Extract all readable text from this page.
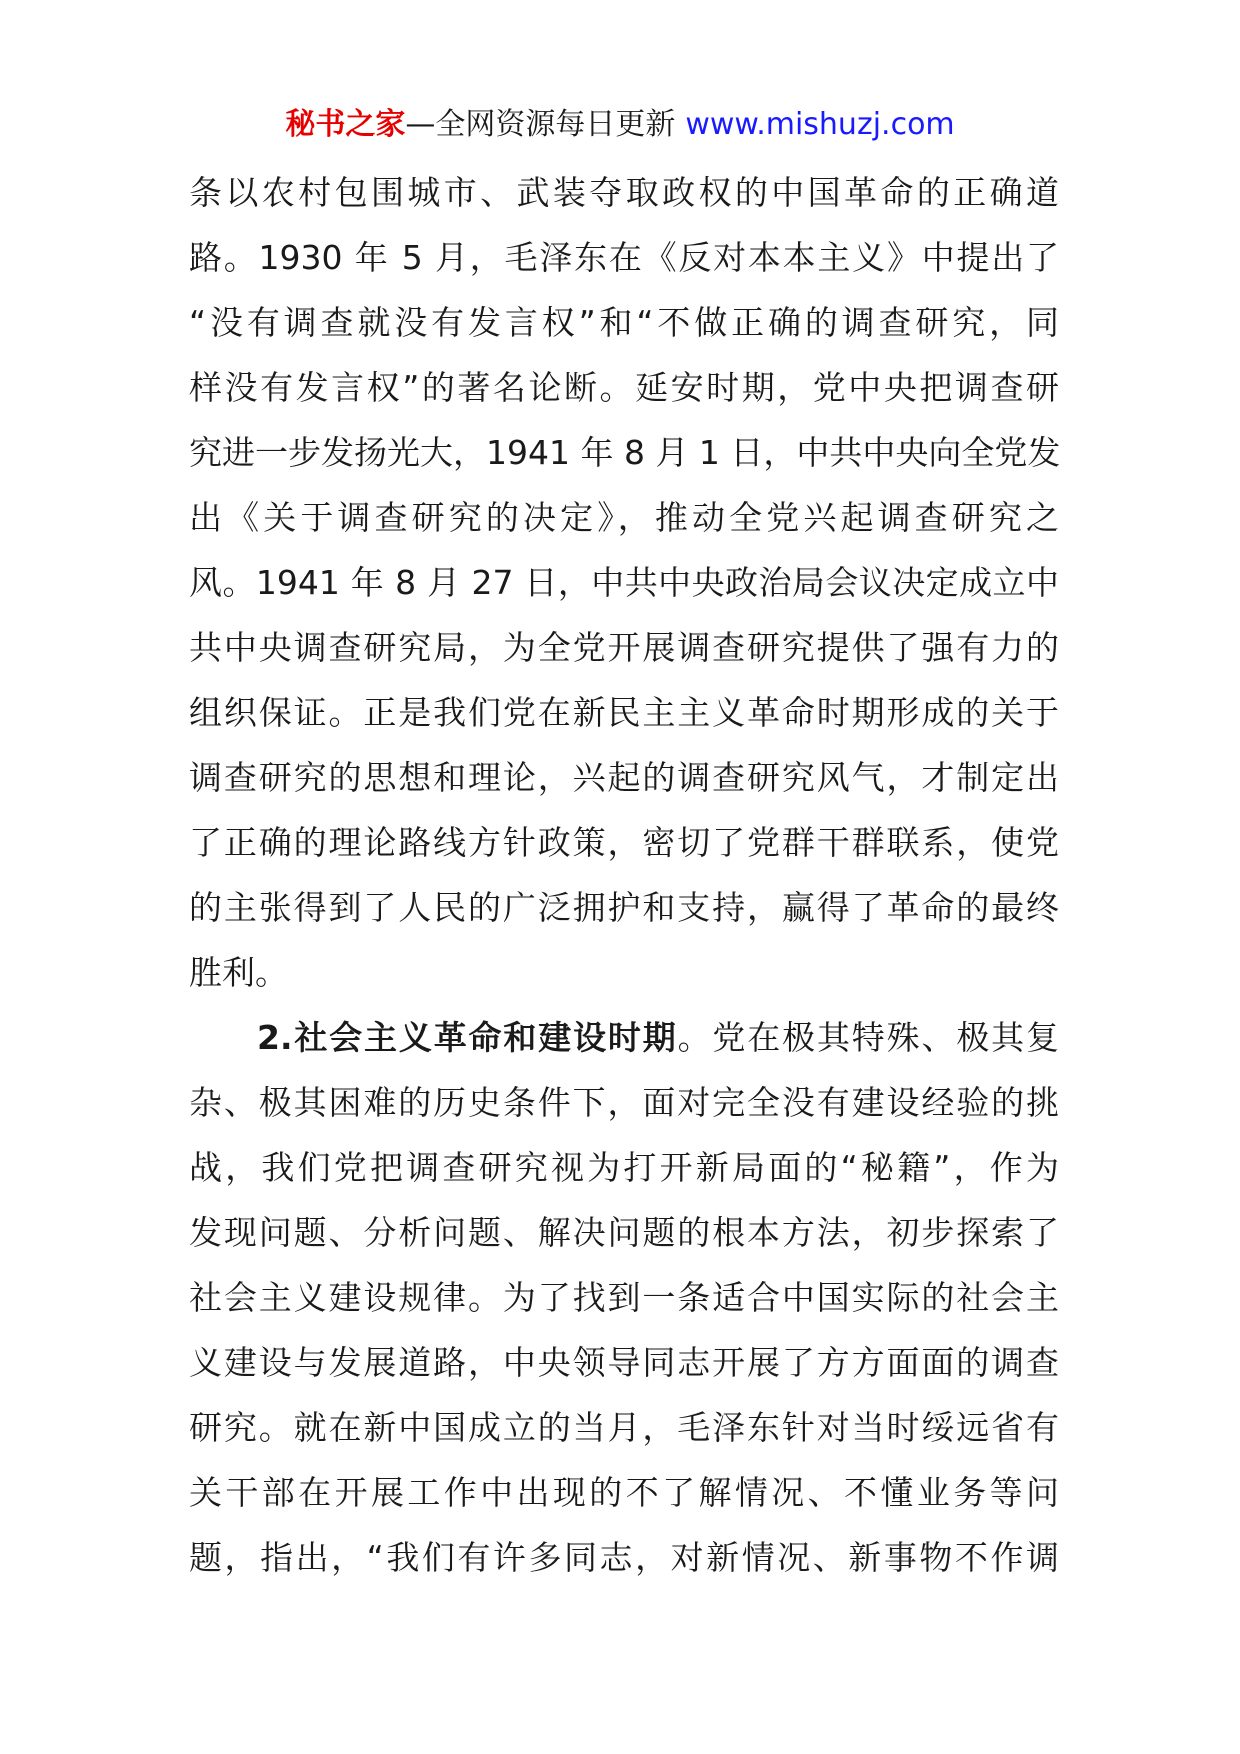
秘书之家—全网资源每日更新 www.mishuzj.com
条以农村包围城市、武装夺取政权的中国革命的正确道
路。1930 年 5 月，毛泽东在《反对本本主义》中提出了
“没有调查就没有发言权”和“不做正确的调查研究，同
样没有发言权”的著名论断。延安时期，党中央把调查研
究进一步发扬光大，1941 年 8 月 1 日，中共中央向全党发
出《关于调查研究的决定》，推动全党兴起调查研究之
风。1941 年 8 月 27 日，中共中央政治局会议决定成立中
共中央调查研究局，为全党开展调查研究提供了强有力的
组织保证。正是我们党在新民主主义革命时期形成的关于
调查研究的思想和理论，兴起的调查研究风气，才制定出
了正确的理论路线方针政策，密切了党群干群联系，使党
的主张得到了人民的广泛拥护和支持，赢得了革命的最终
胜利。
2.社会主义革命和建设时期。党在极其特殊、极其复
杂、极其困难的历史条件下，面对完全没有建设经验的挑
战，我们党把调查研究视为打开新局面的“秘籍”，作为
发现问题、分析问题、解决问题的根本方法，初步探索了
社会主义建设规律。为了找到一条适合中国实际的社会主
义建设与发展道路，中央领导同志开展了方方面面的调查
研究。就在新中国成立的当月，毛泽东针对当时绥远省有
关干部在开展工作中出现的不了解情况、不懂业务等问
题，指出，“我们有许多同志，对新情况、新事物不作调
